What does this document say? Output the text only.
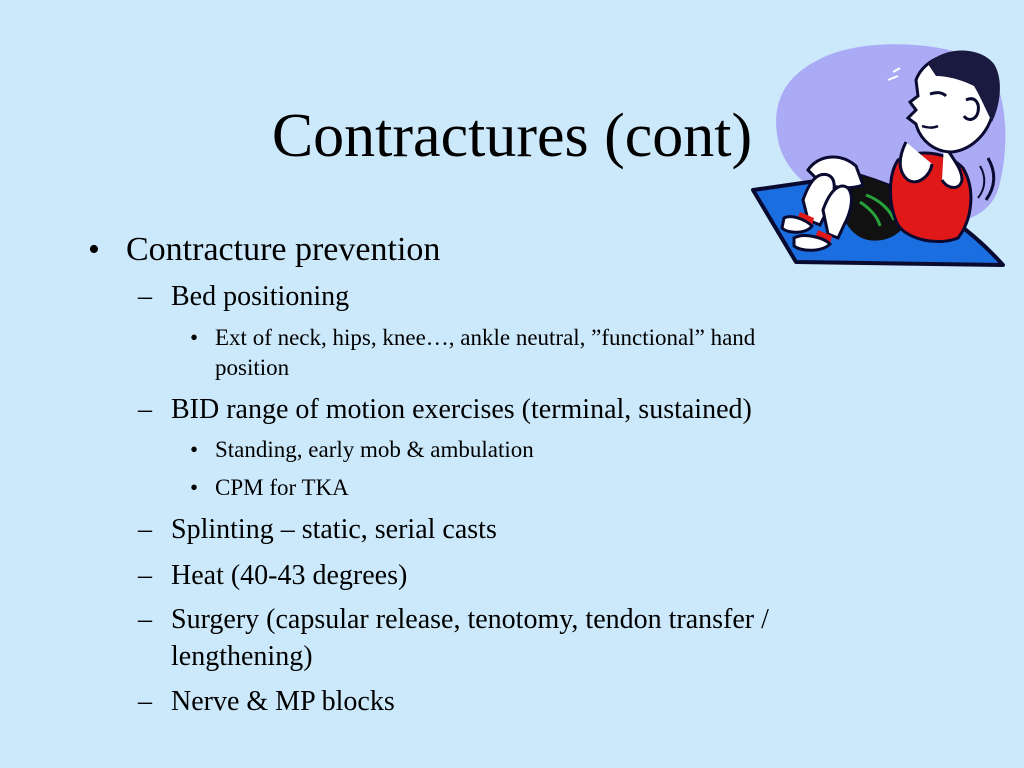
Contractures (cont)
• Contracture prevention

– Bed positioning

• Ext of neck, hips, knee…, ankle neutral, ”functional” hand

position

– BID range of motion exercises (terminal, sustained)

• Standing, early mob & ambulation

• CPM for TKA

– Splinting – static, serial casts

– Heat (40-43 degrees)

– Surgery (capsular release, tenotomy, tendon transfer /

lengthening)

– Nerve & MP blocks
